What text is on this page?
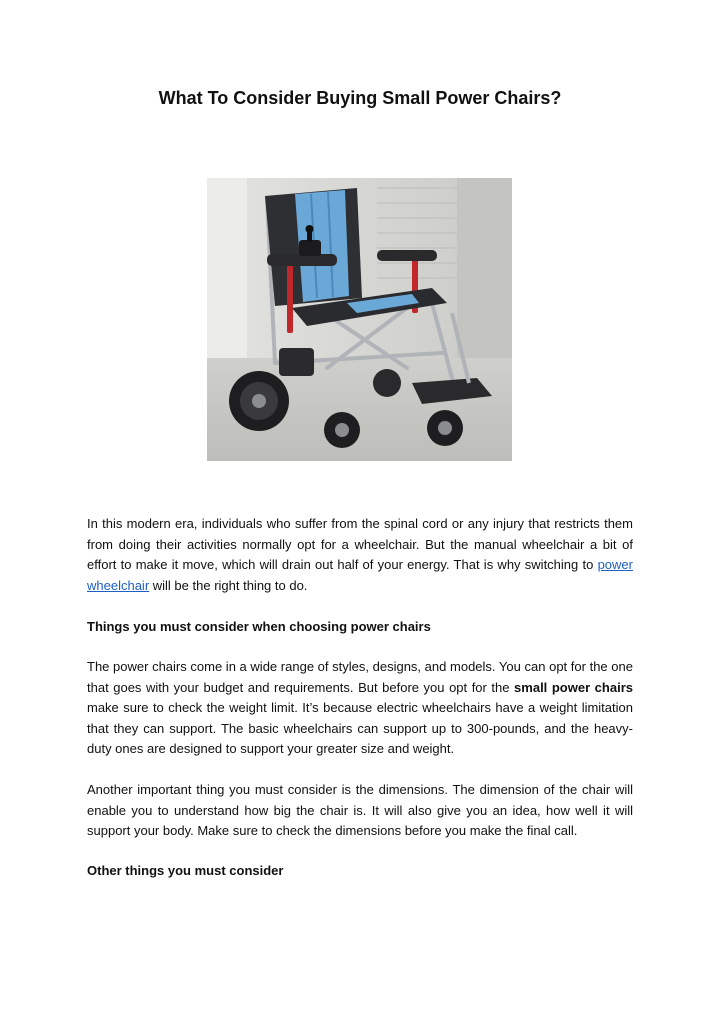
What To Consider Buying Small Power Chairs?

In this modern era, individuals who suffer from the spinal cord or any injury that restricts them from doing their activities normally opt for a wheelchair. But the manual wheelchair a bit of effort to make it move, which will drain out half of your energy. That is why switching to power wheelchair will be the right thing to do.

Things you must consider when choosing power chairs

The power chairs come in a wide range of styles, designs, and models. You can opt for the one that goes with your budget and requirements. But before you opt for the small power chairs make sure to check the weight limit. It’s because electric wheelchairs have a weight limitation that they can support. The basic wheelchairs can support up to 300-pounds, and the heavy-duty ones are designed to support your greater size and weight.

Another important thing you must consider is the dimensions. The dimension of the chair will enable you to understand how big the chair is. It will also give you an idea, how well it will support your body. Make sure to check the dimensions before you make the final call.

Other things you must consider
